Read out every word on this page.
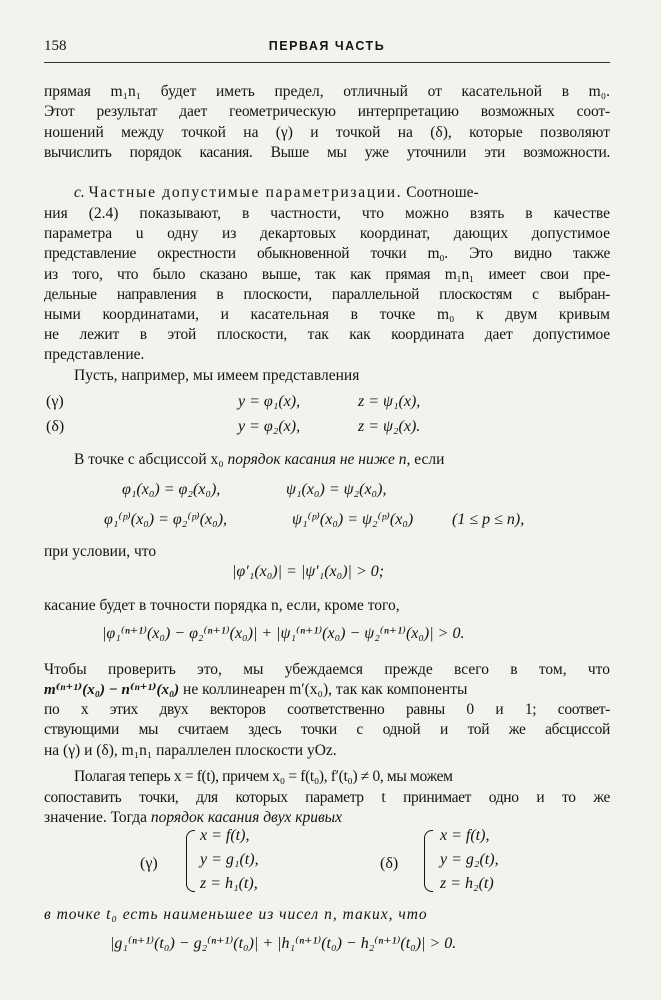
158	ПЕРВАЯ ЧАСТЬ
прямая m₁n₁ будет иметь предел, отличный от касательной в m₀.
Этот результат дает геометрическую интерпретацию возможных соот-
ношений между точкой на (γ) и точкой на (δ), которые позволяют
вычислить порядок касания. Выше мы уже уточнили эти возможности.
c. Частные допустимые параметризации. Соотноше-
ния (2.4) показывают, в частности, что можно взять в качестве
параметра u одну из декартовых координат, дающих допустимое
представление окрестности обыкновенной точки m₀. Это видно также
из того, что было сказано выше, так как прямая m₁n₁ имеет свои пре-
дельные направления в плоскости, параллельной плоскостям с выбран-
ными координатами, и касательная в точке m₀ к двум кривым
не лежит в этой плоскости, так как координата дает допустимое
представление.
Пусть, например, мы имеем представления
(γ)	y = φ₁(x),	z = ψ₁(x),
(δ)	y = φ₂(x),	z = ψ₂(x).
В точке с абсциссой x₀ порядок касания не ниже n, если
φ₁(x₀) = φ₂(x₀),	ψ₁(x₀) = ψ₂(x₀),
φ₁⁽ᵖ⁾(x₀) = φ₂⁽ᵖ⁾(x₀),	ψ₁⁽ᵖ⁾(x₀) = ψ₂⁽ᵖ⁾(x₀) (1 ≤ p ≤ n),
при условии, что
|φ′₁(x₀)| = |ψ′₁(x₀)| > 0;
касание будет в точности порядка n, если, кроме того,
|φ₁⁽ⁿ⁺¹⁾(x₀) − φ₂⁽ⁿ⁺¹⁾(x₀)| + |ψ₁⁽ⁿ⁺¹⁾(x₀) − ψ₂⁽ⁿ⁺¹⁾(x₀)| > 0.
Чтобы проверить это, мы убеждаемся прежде всего в том, что
m⁽ⁿ⁺¹⁾(x₀) − n⁽ⁿ⁺¹⁾(x₀) не коллинеарен m′(x₀), так как компоненты
по x этих двух векторов соответственно равны 0 и 1; соответ-
ствующими мы считаем здесь точки с одной и той же абсциссой
на (γ) и (δ), m₁n₁ параллелен плоскости yOz.
Полагая теперь x = f(t), причем x₀ = f(t₀), f′(t₀) ≠ 0, мы можем
сопоставить точки, для которых параметр t принимает одно и то же
значение. Тогда порядок касания двух кривых
(γ)
x = f(t),
y = g₁(t),
z = h₁(t),
(δ)
x = f(t),
y = g₂(t),
z = h₂(t)
в точке t₀ есть наименьшее из чисел n, таких, что
|g₁⁽ⁿ⁺¹⁾(t₀) − g₂⁽ⁿ⁺¹⁾(t₀)| + |h₁⁽ⁿ⁺¹⁾(t₀) − h₂⁽ⁿ⁺¹⁾(t₀)| > 0.
